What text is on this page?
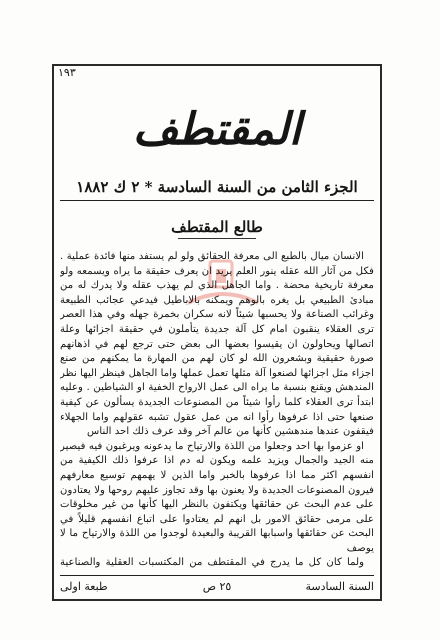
١٩٣
المقتطف
الجزء الثامن من السنة السادسة * ٢ ك ١٨٨٢
طالع المقتطف

الانسان ميال بالطبع الى معرفة الحقائق ولو لم يستفد منها فائدة عملية . فكل من آثار الله عقله ينور العلم يريد ان يعرف حقيقة ما يراه ويسمعه ولو معرفة تاريخية محضة . واما الجاهل الذي لم يهذب عقله ولا يدرك له من مبادئ الطبيعي بل يغره بالوهم ويمكنه بالاباطيل فيدعي عجائب الطبيعة وغرائب الصناعة ولا يحسبها شيئاً لانه سكران بخمرة جهله وفي هذا العصر ترى العقلاء ينقبون امام كل آلة جديدة يتأملون في حقيقة اجزائها وعلة اتصالها ويحاولون ان يقيسوا بعضها الى بعض حتى ترجع لهم في اذهانهم صورة حقيقية وبشعرون الله لو كان لهم من المهارة ما يمكنهم من صنع اجزاء مثل اجزائها لصنعوا آلة مثلها تعمل عملها واما الجاهل فينظر اليها نظر المندهش ويقنع بنسبة ما يراه الى عمل الارواح الخفية او الشياطين . وعليه ابتدأ ترى العقلاء كلما رأوا شيئاً من المصنوعات الجديدة يسألون عن كيفية صنعها حتى اذا عرفوها رأوا انه من عمل عقول تشبه عقولهم واما الجهلاء فيقفون عندها مندهشين كأنها من عالم آخر وقد عرف ذلك احد الناس

او عزموا بها احد وجعلوا من اللذة والارتياح ما يدعونه ويرغبون فيه فيصير منه الجيد والجمال ويزيد علمه ويكون له دم اذا عرفوا ذلك الكيفية من انفسهم اكثر مما اذا عرفوها بالخبر واما الذين لا يهمهم توسيع معارفهم فيرون المصنوعات الجديدة ولا يعنون بها وقد تجاوز عليهم روحها ولا يعتادون على عدم البحث عن حقائقها ويكتفون بالنظر اليها كأنها من غير مخلوقات على مرمى حقائق الامور بل انهم لم يعتادوا على اتباع انفسهم قليلاً في البحث عن حقائقها واسبابها القريبة والبعيدة لوجدوا من اللذة والارتياح ما لا يوصف

ولما كان كل ما يدرج في المقتطف من المكتسبات العقلية والصناعية

السنة السادسة
٢٥ ص
طبعة اولى
